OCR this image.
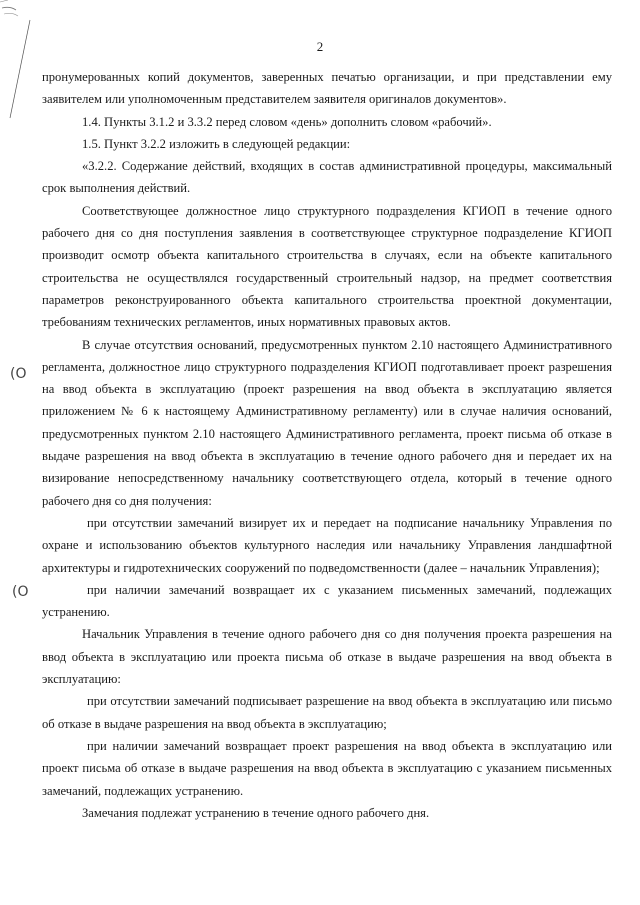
2
(О
(О

пронумерованных копий документов, заверенных печатью организации, и при представлении ему заявителем или уполномоченным представителем заявителя оригиналов документов».

1.4. Пункты 3.1.2 и 3.3.2 перед словом «день» дополнить словом «рабочий».

1.5. Пункт 3.2.2 изложить в следующей редакции:

«3.2.2. Содержание действий, входящих в состав административной процедуры, максимальный срок выполнения действий.

Соответствующее должностное лицо структурного подразделения КГИОП в течение одного рабочего дня со дня поступления заявления в соответствующее структурное подразделение КГИОП производит осмотр объекта капитального строительства в случаях, если на объекте капитального строительства не осуществлялся государственный строительный надзор, на предмет соответствия параметров реконструированного объекта капитального строительства проектной документации, требованиям технических регламентов, иных нормативных правовых актов.

В случае отсутствия оснований, предусмотренных пунктом 2.10 настоящего Административного регламента, должностное лицо структурного подразделения КГИОП подготавливает проект разрешения на ввод объекта в эксплуатацию (проект разрешения на ввод объекта в эксплуатацию является приложением № 6 к настоящему Административному регламенту) или в случае наличия оснований, предусмотренных пунктом 2.10 настоящего Административного регламента, проект письма об отказе в выдаче разрешения на ввод объекта в эксплуатацию в течение одного рабочего дня и передает их на визирование непосредственному начальнику соответствующего отдела, который в течение одного рабочего дня со дня получения:

при отсутствии замечаний визирует их и передает на подписание начальнику Управления по охране и использованию объектов культурного наследия или начальнику Управления ландшафтной архитектуры и гидротехнических сооружений по подведомственности (далее – начальник Управления);

при наличии замечаний возвращает их с указанием письменных замечаний, подлежащих устранению.

Начальник Управления в течение одного рабочего дня со дня получения проекта разрешения на ввод объекта в эксплуатацию или проекта письма об отказе в выдаче разрешения на ввод объекта в эксплуатацию:

при отсутствии замечаний подписывает разрешение на ввод объекта в эксплуатацию или письмо об отказе в выдаче разрешения на ввод объекта в эксплуатацию;

при наличии замечаний возвращает проект разрешения на ввод объекта в эксплуатацию или проект письма об отказе в выдаче разрешения на ввод объекта в эксплуатацию с указанием письменных замечаний, подлежащих устранению.

Замечания подлежат устранению в течение одного рабочего дня.
